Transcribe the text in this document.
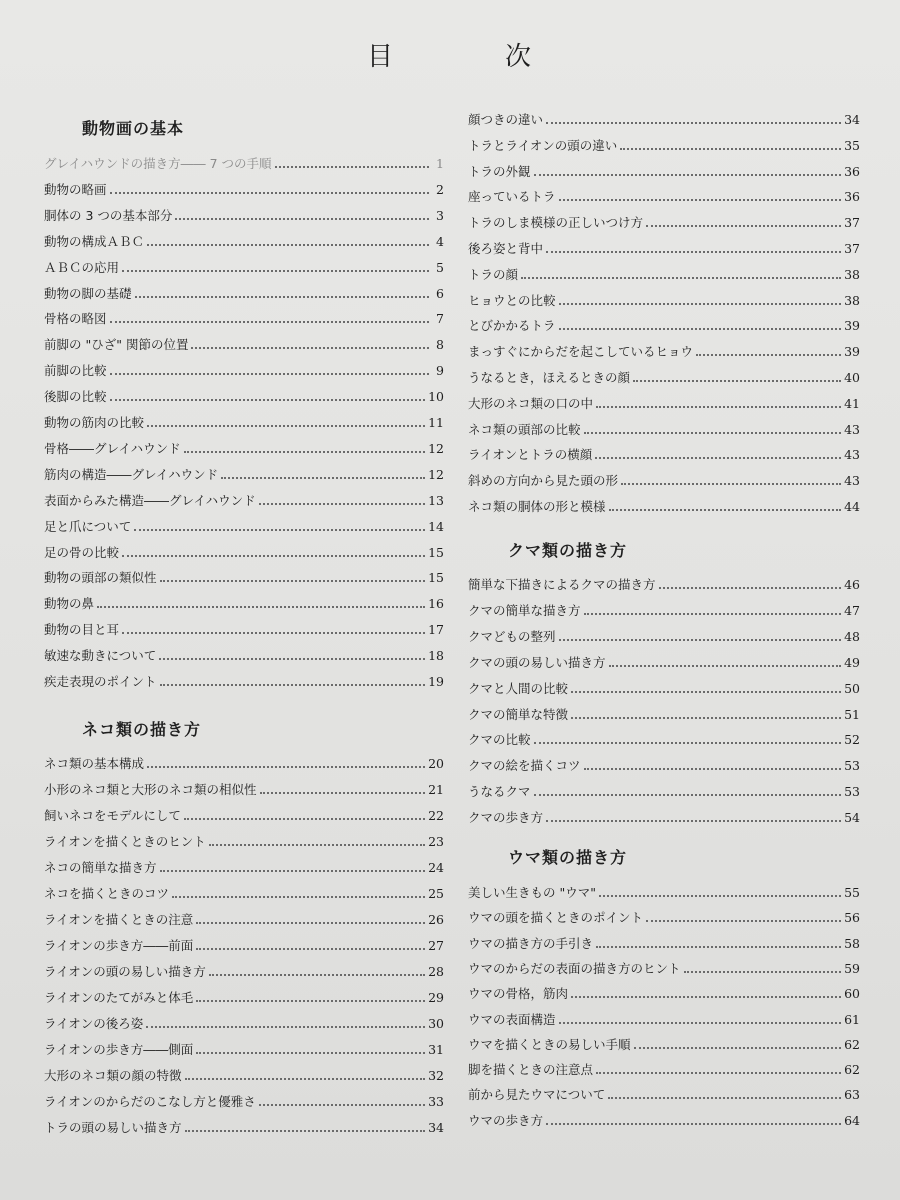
目	次
動物画の基本
グレイハウンドの描き方―― 7 つの手順	1
動物の略画	2
胴体の 3 つの基本部分	3
動物の構成ＡＢＣ	4
ＡＢＣの応用	5
動物の脚の基礎	6
骨格の略図	7
前脚の "ひざ" 関節の位置	8
前脚の比較	9
後脚の比較	10
動物の筋肉の比較	11
骨格――グレイハウンド	12
筋肉の構造――グレイハウンド	12
表面からみた構造――グレイハウンド	13
足と爪について	14
足の骨の比較	15
動物の頭部の類似性	15
動物の鼻	16
動物の目と耳	17
敏速な動きについて	18
疾走表現のポイント	19
ネコ類の描き方
ネコ類の基本構成	20
小形のネコ類と大形のネコ類の相似性	21
飼いネコをモデルにして	22
ライオンを描くときのヒント	23
ネコの簡単な描き方	24
ネコを描くときのコツ	25
ライオンを描くときの注意	26
ライオンの歩き方――前面	27
ライオンの頭の易しい描き方	28
ライオンのたてがみと体毛	29
ライオンの後ろ姿	30
ライオンの歩き方――側面	31
大形のネコ類の顔の特徴	32
ライオンのからだのこなし方と優雅さ	33
トラの頭の易しい描き方	34
顔つきの違い	34
トラとライオンの頭の違い	35
トラの外観	36
座っているトラ	36
トラのしま模様の正しいつけ方	37
後ろ姿と背中	37
トラの顔	38
ヒョウとの比較	38
とびかかるトラ	39
まっすぐにからだを起こしているヒョウ	39
うなるとき，ほえるときの顔	40
大形のネコ類の口の中	41
ネコ類の頭部の比較	43
ライオンとトラの横顔	43
斜めの方向から見た頭の形	43
ネコ類の胴体の形と模様	44
クマ類の描き方
簡単な下描きによるクマの描き方	46
クマの簡単な描き方	47
クマどもの整列	48
クマの頭の易しい描き方	49
クマと人間の比較	50
クマの簡単な特徴	51
クマの比較	52
クマの絵を描くコツ	53
うなるクマ	53
クマの歩き方	54
ウマ類の描き方
美しい生きもの "ウマ"	55
ウマの頭を描くときのポイント	56
ウマの描き方の手引き	58
ウマのからだの表面の描き方のヒント	59
ウマの骨格，筋肉	60
ウマの表面構造	61
ウマを描くときの易しい手順	62
脚を描くときの注意点	62
前から見たウマについて	63
ウマの歩き方	64
